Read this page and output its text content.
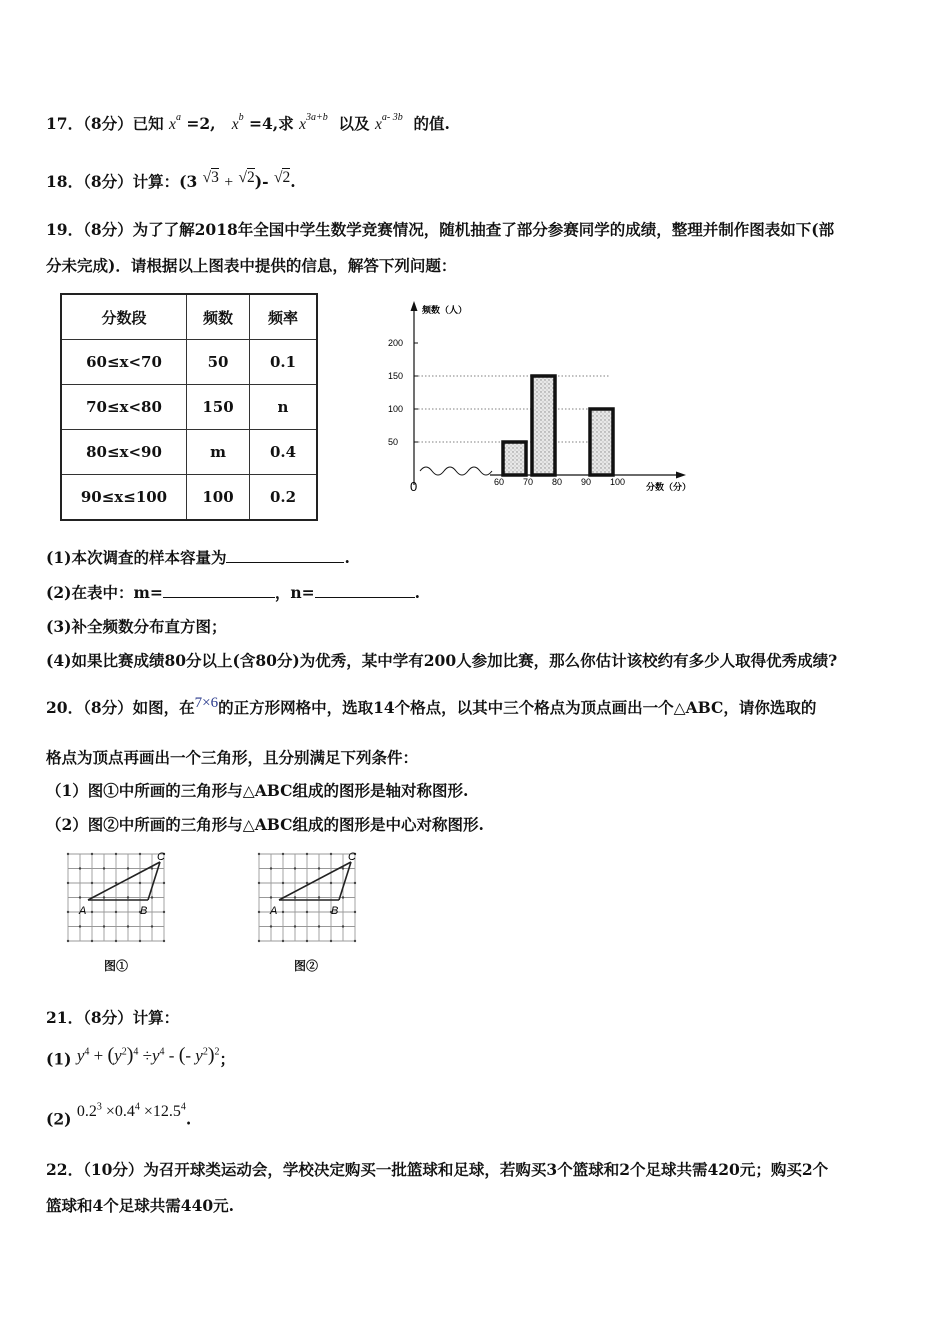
17．（8分）已知 $x^a =2$, $x^b =4$,求 $x^{3a+b}$ 以及 $x^{a- 3b}$ 的值.
18．（8分）计算：(3 √3 + √2)- √2.
19．（8分）为了了解2018年全国中学生数学竞赛情况，随机抽查了部分参赛同学的成绩，整理并制作图表如下(部
分未完成)．请根据以上图表中提供的信息，解答下列问题：
分数段	频数	频率
60≤x<70	50	0.1
70≤x<80	150	n
80≤x<90	m	0.4
90≤x≤100	100	0.2
50
100
150
200
60 70 80 90 100
频数（人）
分数（分）
0
(1)本次调查的样本容量为	.
(2)在表中：m=	，n=	.
(3)补全频数分布直方图；
(4)如果比赛成绩80分以上(含80分)为优秀，某中学有200人参加比赛，那么你估计该校约有多少人取得优秀成绩?
20．（8分）如图，在7×6的正方形网格中，选取14个格点，以其中三个格点为顶点画出一个△ABC，请你选取的
格点为顶点再画出一个三角形，且分别满足下列条件：
（1）图①中所画的三角形与△ABC组成的图形是轴对称图形.
（2）图②中所画的三角形与△ABC组成的图形是中心对称图形.
A	B
C
图①
A	B
C
图②
21．（8分）计算：
(1) $y^4 + (y^2)^4 \div y^4$ - (- $y^2)^2$；
(2) $0.2^3 \times 0.4^4 \times 12.5^4$.
22．（10分）为召开球类运动会，学校决定购买一批篮球和足球，若购买3个篮球和2个足球共需420元；购买2个
篮球和4个足球共需440元.
